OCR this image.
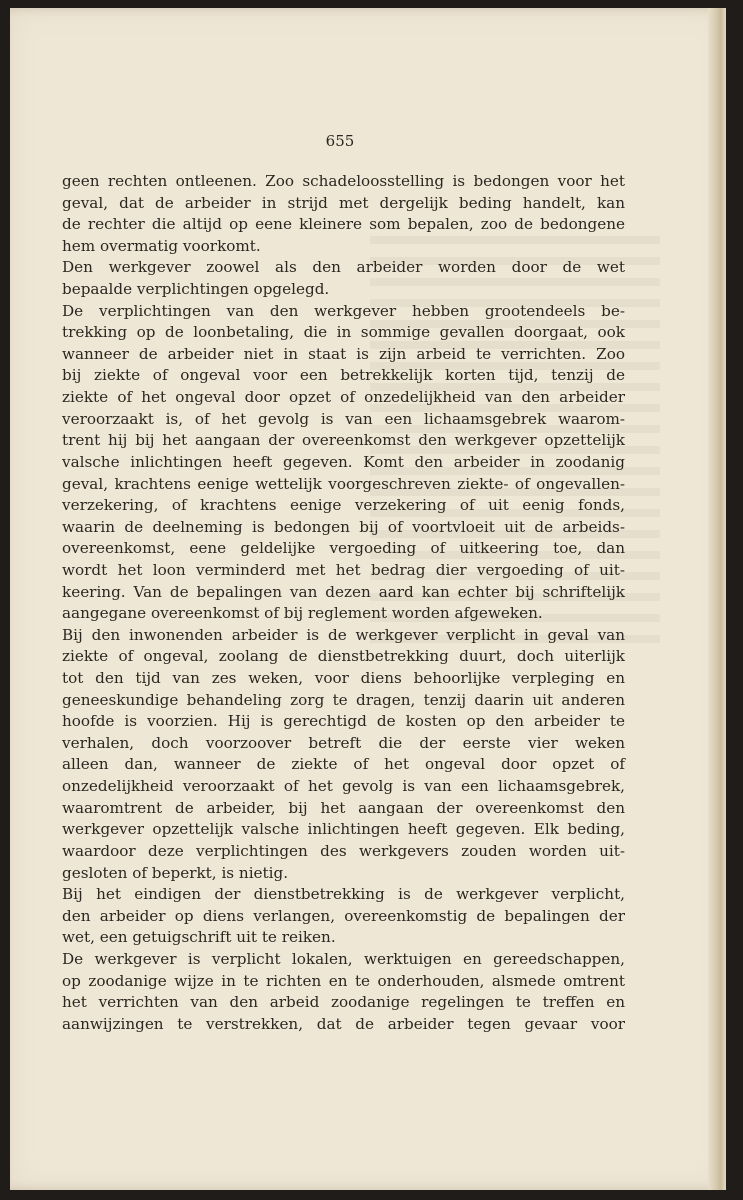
655
geen rechten ontleenen. Zoo schadeloosstelling is bedongen voor het
geval, dat de arbeider in strijd met dergelijk beding handelt, kan
de rechter die altijd op eene kleinere som bepalen, zoo de bedongene
hem overmatig voorkomt.
Den werkgever zoowel als den arbeider worden door de wet
bepaalde verplichtingen opgelegd.
De verplichtingen van den werkgever hebben grootendeels be-
trekking op de loonbetaling, die in sommige gevallen doorgaat, ook
wanneer de arbeider niet in staat is zijn arbeid te verrichten. Zoo
bij ziekte of ongeval voor een betrekkelijk korten tijd, tenzij de
ziekte of het ongeval door opzet of onzedelijkheid van den arbeider
veroorzaakt is, of het gevolg is van een lichaamsgebrek waarom-
trent hij bij het aangaan der overeenkomst den werkgever opzettelijk
valsche inlichtingen heeft gegeven. Komt den arbeider in zoodanig
geval, krachtens eenige wettelijk voorgeschreven ziekte- of ongevallen-
verzekering, of krachtens eenige verzekering of uit eenig fonds,
waarin de deelneming is bedongen bij of voortvloeit uit de arbeids-
overeenkomst, eene geldelijke vergoeding of uitkeering toe, dan
wordt het loon verminderd met het bedrag dier vergoeding of uit-
keering. Van de bepalingen van dezen aard kan echter bij schriftelijk
aangegane overeenkomst of bij reglement worden afgeweken.
Bij den inwonenden arbeider is de werkgever verplicht in geval van
ziekte of ongeval, zoolang de dienstbetrekking duurt, doch uiterlijk
tot den tijd van zes weken, voor diens behoorlijke verpleging en
geneeskundige behandeling zorg te dragen, tenzij daarin uit anderen
hoofde is voorzien. Hij is gerechtigd de kosten op den arbeider te
verhalen, doch voorzoover betreft die der eerste vier weken
alleen dan, wanneer de ziekte of het ongeval door opzet of
onzedelijkheid veroorzaakt of het gevolg is van een lichaamsgebrek,
waaromtrent de arbeider, bij het aangaan der overeenkomst den
werkgever opzettelijk valsche inlichtingen heeft gegeven. Elk beding,
waardoor deze verplichtingen des werkgevers zouden worden uit-
gesloten of beperkt, is nietig.
Bij het eindigen der dienstbetrekking is de werkgever verplicht,
den arbeider op diens verlangen, overeenkomstig de bepalingen der
wet, een getuigschrift uit te reiken.
De werkgever is verplicht lokalen, werktuigen en gereedschappen,
op zoodanige wijze in te richten en te onderhouden, alsmede omtrent
het verrichten van den arbeid zoodanige regelingen te treffen en
aanwijzingen te verstrekken, dat de arbeider tegen gevaar voor
